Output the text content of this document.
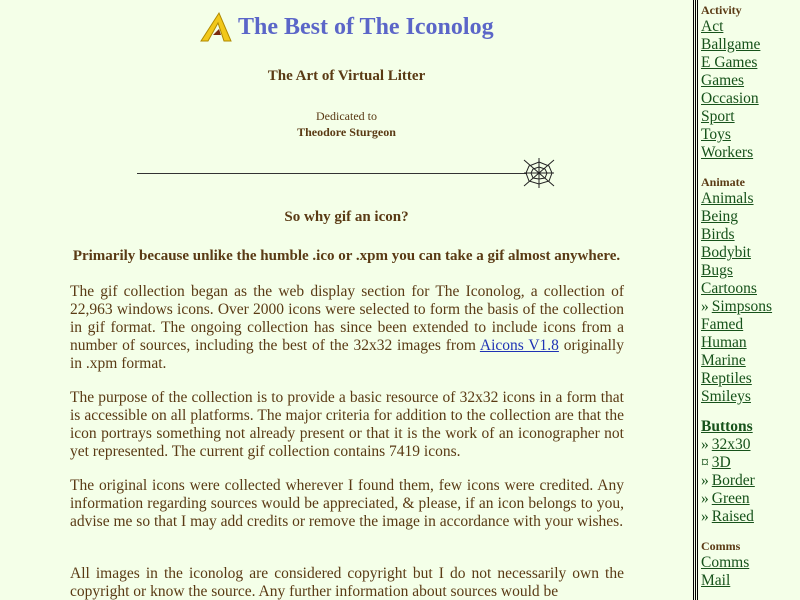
The Best of The Iconolog
The Art of Virtual Litter
Dedicated to
Theodore Sturgeon
So why gif an icon?
Primarily because unlike the humble .ico or .xpm you can take a gif almost anywhere.

The gif collection began as the web display section for The Iconolog, a collection of 22,963 windows icons. Over 2000 icons were selected to form the basis of the collection in gif format. The ongoing collection has since been extended to include icons from a number of sources, including the best of the 32x32 images from Aicons V1.8 originally in .xpm format.

The purpose of the collection is to provide a basic resource of 32x32 icons in a form that is accessible on all platforms. The major criteria for addition to the collection are that the icon portrays something not already present or that it is the work of an iconographer not yet represented. The current gif collection contains 7419 icons.

The original icons were collected wherever I found them, few icons were credited. Any information regarding sources would be appreciated, & please, if an icon belongs to you, advise me so that I may add credits or remove the image in accordance with your wishes.

All images in the iconolog are considered copyright but I do not necessarily own the copyright or know the source. Any further information about sources would be

Activity
Act
Ballgame
E Games
Games
Occasion
Sport
Toys
Workers
Animate
Animals
Being
Birds
Bodybit
Bugs
Cartoons
» Simpsons
Famed
Human
Marine
Reptiles
Smileys
Buttons
» 32x30
¤ 3D
» Border
» Green
» Raised
Comms
Comms
Mail
